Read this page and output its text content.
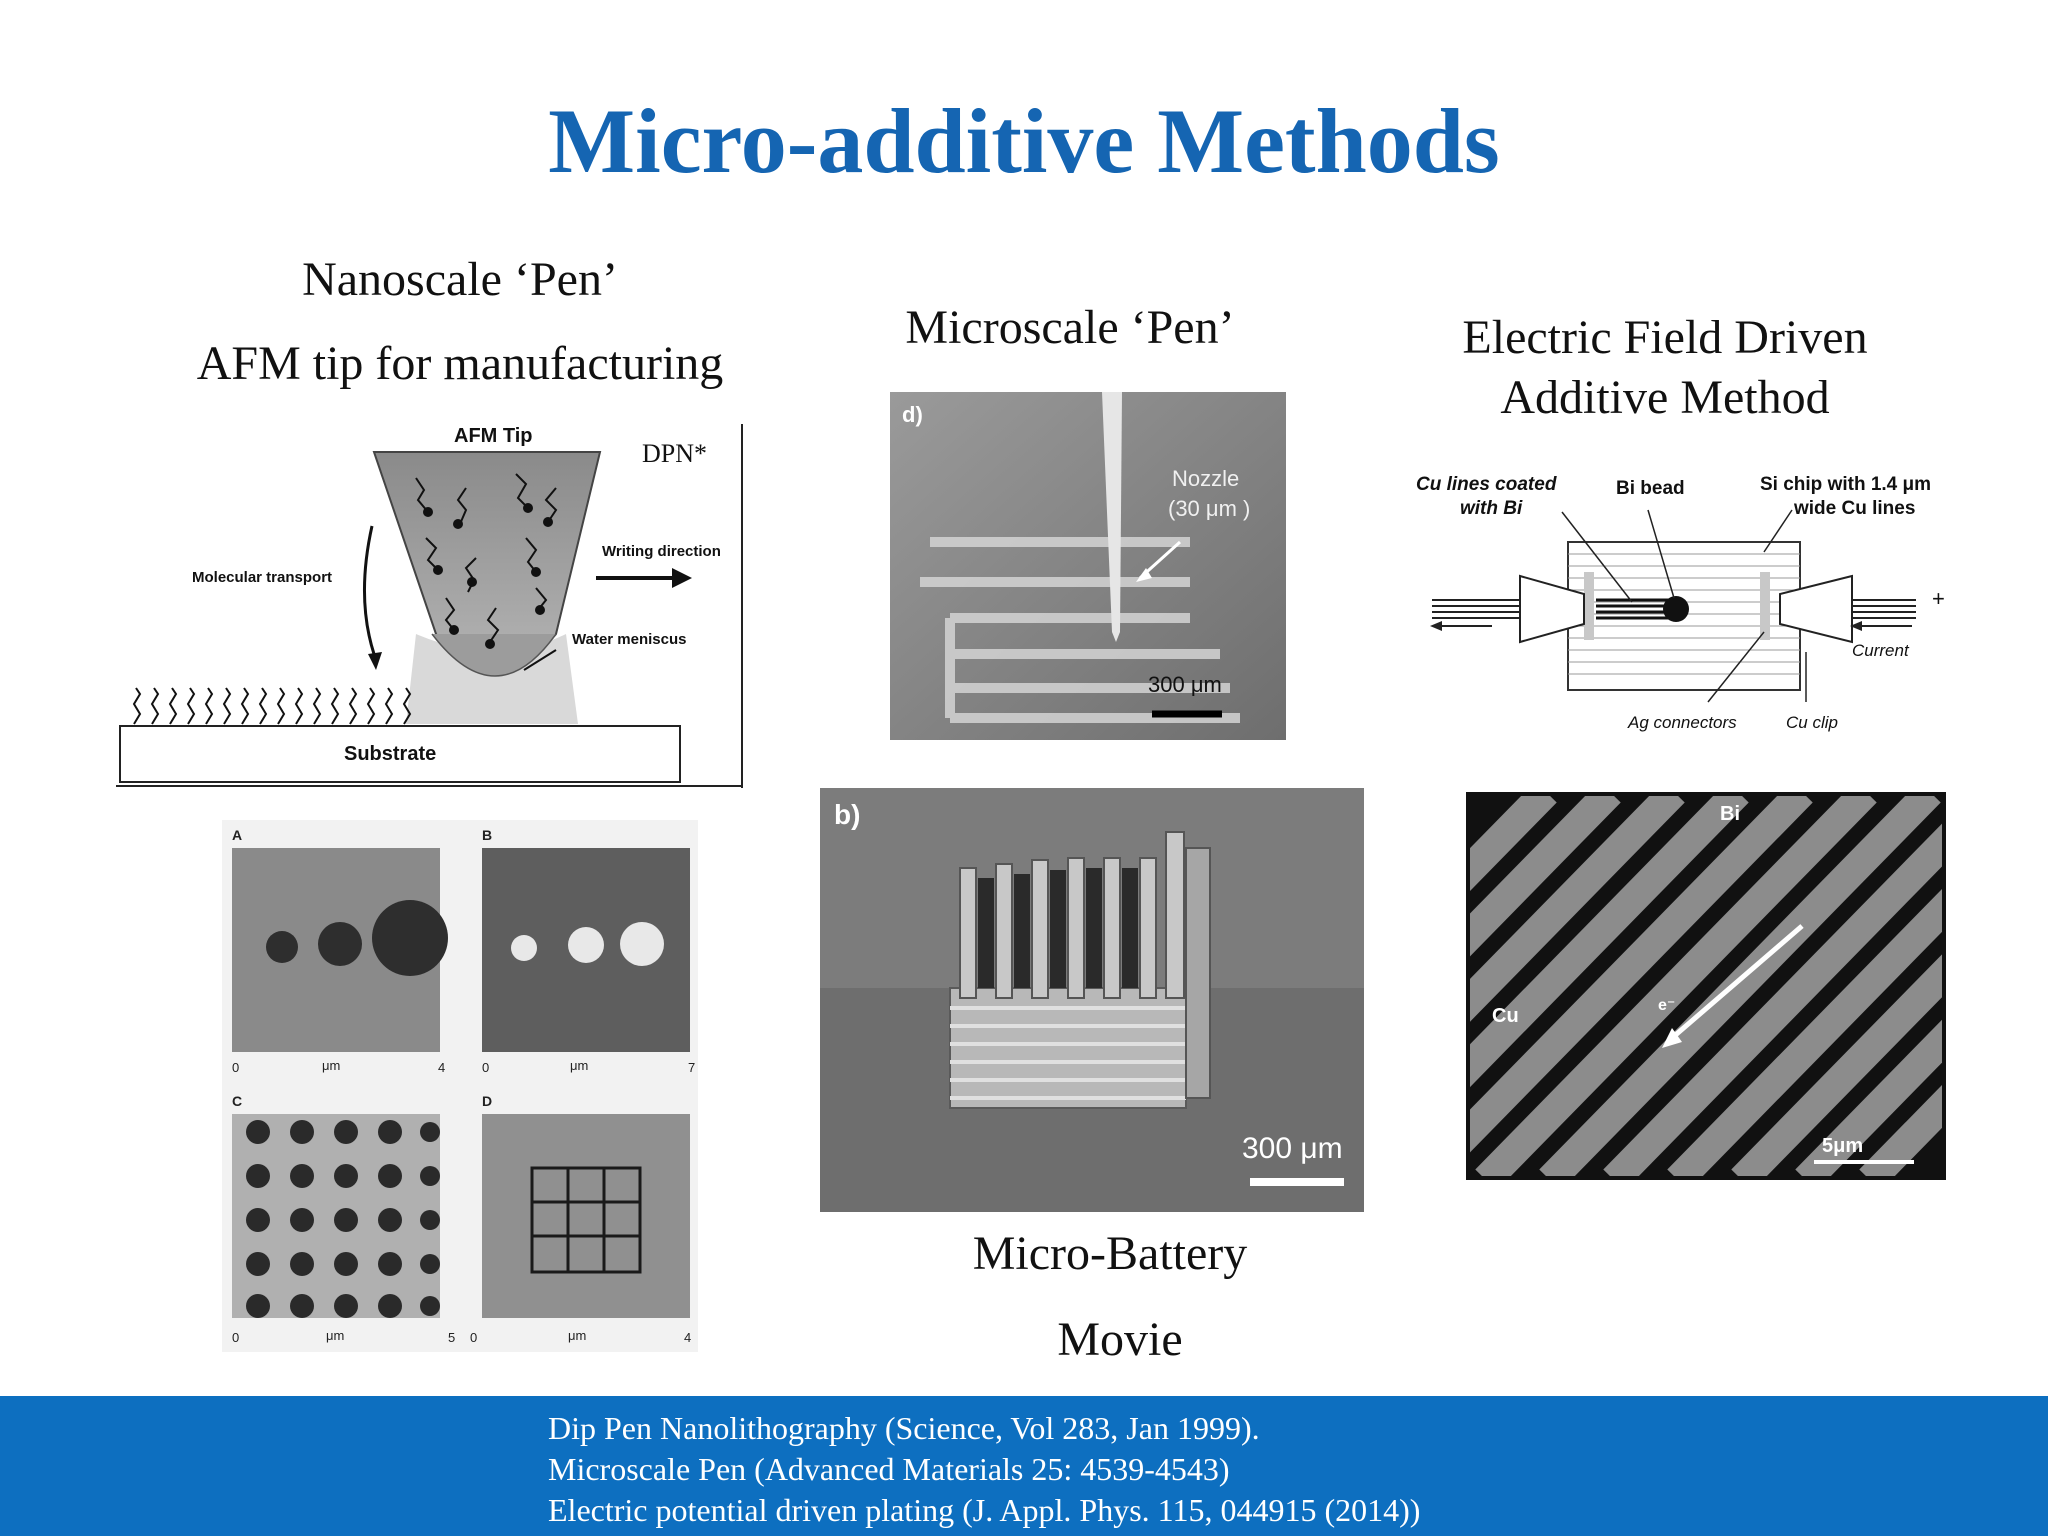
Micro-additive Methods
Nanoscale ‘Pen’
AFM tip for manufacturing
Microscale ‘Pen’	Electric Field Driven
Additive Method
Micro-Battery
Movie
AFM Tip
DPN*
Writing direction
Molecular transport
Water meniscus
Substrate
A	B
C	D
0	μm	4	0	μm	7
0	μm	5 0	μm	4
d)
Nozzle
(30 μm )
300 μm
b)
300 μm
Cu lines coated
with Bi
Bi bead	Si chip with 1.4 μm
wide Cu lines
+
Current
Ag connectors	Cu clip
Bi
Cu	e⁻
5μm
Dip Pen Nanolithography (Science, Vol 283, Jan 1999).
Microscale Pen (Advanced Materials 25: 4539-4543)
Electric potential driven plating (J. Appl. Phys. 115, 044915 (2014))
